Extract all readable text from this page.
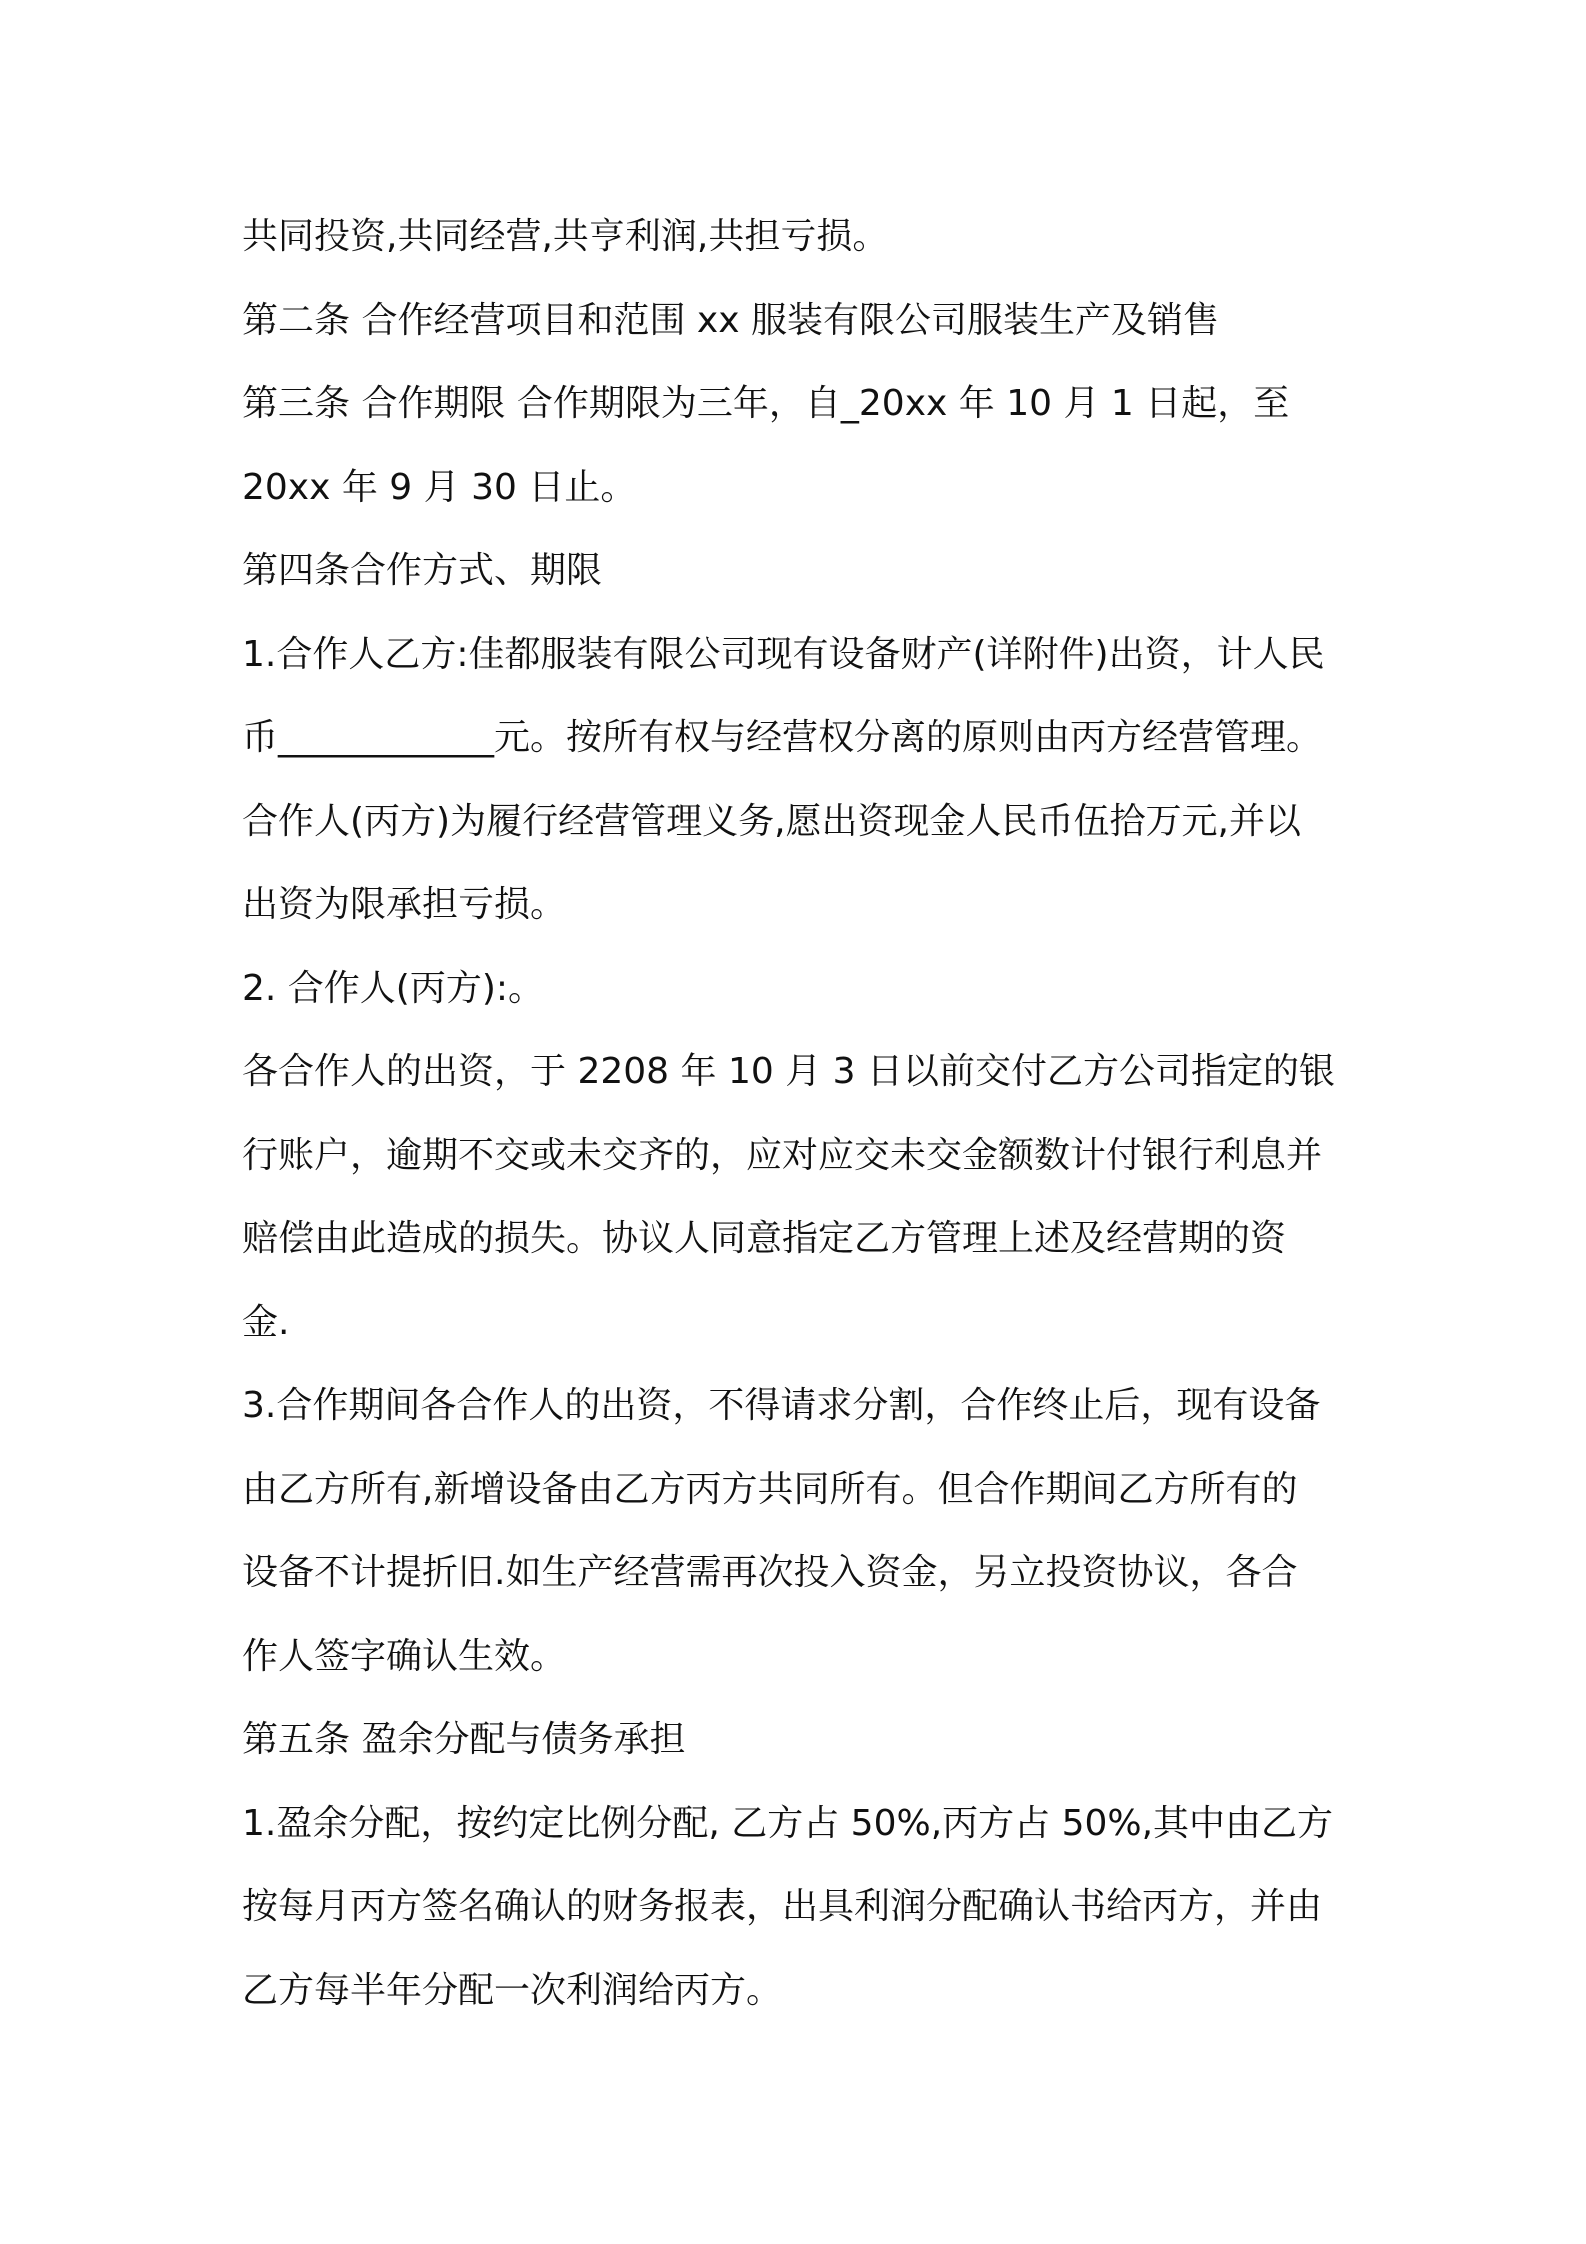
共同投资,共同经营,共亨利润,共担亏损。
第二条 合作经营项目和范围 xx 服装有限公司服装生产及销售
第三条 合作期限 合作期限为三年，自_20xx 年 10 月 1 日起，至
20xx 年 9 月 30 日止。
第四条合作方式、期限
1.合作人乙方:佳都服装有限公司现有设备财产(详附件)出资，计人民
币____________元。按所有权与经营权分离的原则由丙方经营管理。
合作人(丙方)为履行经营管理义务,愿出资现金人民币伍拾万元,并以
出资为限承担亏损。
2. 合作人(丙方):。
各合作人的出资，于 2208 年 10 月 3 日以前交付乙方公司指定的银
行账户，逾期不交或未交齐的，应对应交未交金额数计付银行利息并
赔偿由此造成的损失。协议人同意指定乙方管理上述及经营期的资
金.
3.合作期间各合作人的出资，不得请求分割，合作终止后，现有设备
由乙方所有,新增设备由乙方丙方共同所有。但合作期间乙方所有的
设备不计提折旧.如生产经营需再次投入资金，另立投资协议，各合
作人签字确认生效。
第五条 盈余分配与债务承担
1.盈余分配，按约定比例分配, 乙方占 50%,丙方占 50%,其中由乙方
按每月丙方签名确认的财务报表，出具利润分配确认书给丙方，并由
乙方每半年分配一次利润给丙方。
